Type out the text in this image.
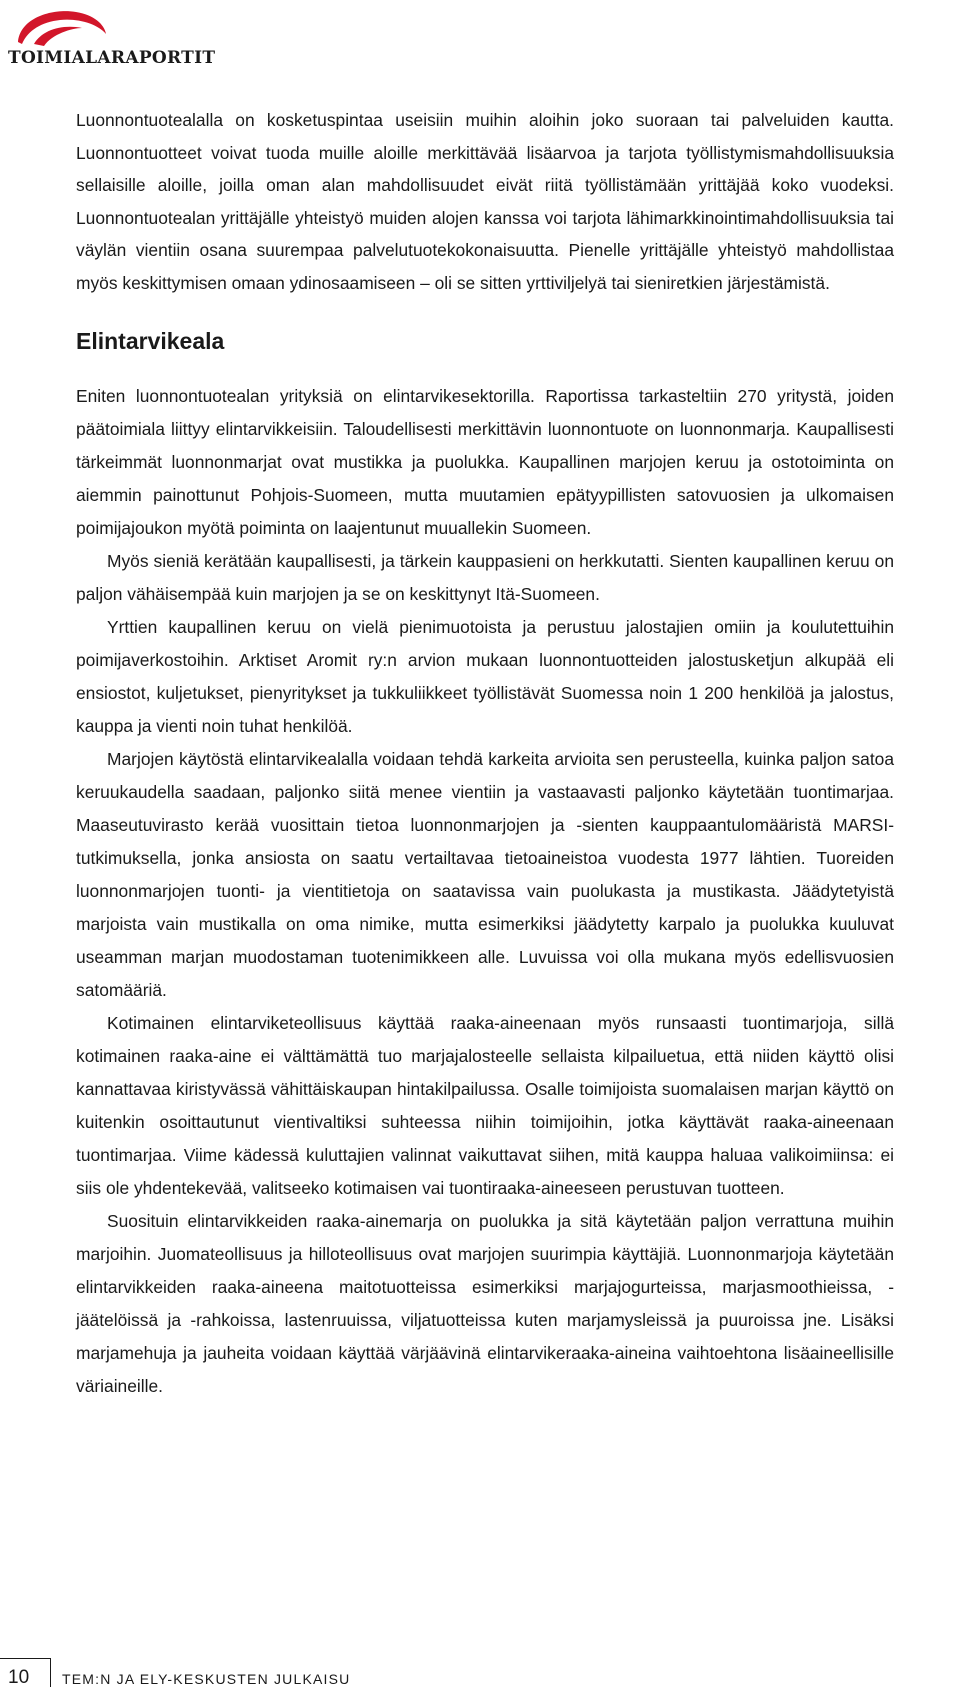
TOIMIALARAPORTIT

Luonnontuotealalla on kosketuspintaa useisiin muihin aloihin joko suoraan tai palveluiden kautta. Luonnontuotteet voivat tuoda muille aloille merkittävää lisäarvoa ja tarjota työllistymismahdollisuuksia sellaisille aloille, joilla oman alan mahdollisuudet eivät riitä työllistämään yrittäjää koko vuodeksi. Luonnontuotealan yrittäjälle yhteistyö muiden alojen kanssa voi tarjota lähimarkkinointimahdollisuuksia tai väylän vientiin osana suurempaa palvelutuotekokonaisuutta. Pienelle yrittäjälle yhteistyö mahdollistaa myös keskittymisen omaan ydinosaamiseen – oli se sitten yrttiviljelyä tai sieniretkien järjestämistä.

Elintarvikeala

Eniten luonnontuotealan yrityksiä on elintarvikesektorilla. Raportissa tarkasteltiin 270 yritystä, joiden päätoimiala liittyy elintarvikkeisiin. Taloudellisesti merkittävin luonnontuote on luonnonmarja. Kaupallisesti tärkeimmät luonnonmarjat ovat mustikka ja puolukka. Kaupallinen marjojen keruu ja ostotoiminta on aiemmin painottunut Pohjois-Suomeen, mutta muutamien epätyypillisten satovuosien ja ulkomaisen poimijajoukon myötä poiminta on laajentunut muuallekin Suomeen.

Myös sieniä kerätään kaupallisesti, ja tärkein kauppasieni on herkkutatti. Sienten kaupallinen keruu on paljon vähäisempää kuin marjojen ja se on keskittynyt Itä-Suomeen.

Yrttien kaupallinen keruu on vielä pienimuotoista ja perustuu jalostajien omiin ja koulutettuihin poimijaverkostoihin. Arktiset Aromit ry:n arvion mukaan luonnontuotteiden jalostusketjun alkupää eli ensiostot, kuljetukset, pienyritykset ja tukkuliikkeet työllistävät Suomessa noin 1 200 henkilöä ja jalostus, kauppa ja vienti noin tuhat henkilöä.

Marjojen käytöstä elintarvikealalla voidaan tehdä karkeita arvioita sen perusteella, kuinka paljon satoa keruukaudella saadaan, paljonko siitä menee vientiin ja vastaavasti paljonko käytetään tuontimarjaa. Maaseutuvirasto kerää vuosittain tietoa luonnonmarjojen ja -sienten kauppaantulomääristä MARSI-tutkimuksella, jonka ansiosta on saatu vertailtavaa tietoaineistoa vuodesta 1977 lähtien. Tuoreiden luonnonmarjojen tuonti- ja vientitietoja on saatavissa vain puolukasta ja mustikasta. Jäädytetyistä marjoista vain mustikalla on oma nimike, mutta esimerkiksi jäädytetty karpalo ja puolukka kuuluvat useamman marjan muodostaman tuotenimikkeen alle. Luvuissa voi olla mukana myös edellisvuosien satomääriä.

Kotimainen elintarviketeollisuus käyttää raaka-aineenaan myös runsaasti tuontimarjoja, sillä kotimainen raaka-aine ei välttämättä tuo marjajalosteelle sellaista kilpailuetua, että niiden käyttö olisi kannattavaa kiristyvässä vähittäiskaupan hintakilpailussa. Osalle toimijoista suomalaisen marjan käyttö on kuitenkin osoittautunut vientivaltiksi suhteessa niihin toimijoihin, jotka käyttävät raaka-aineenaan tuontimarjaa. Viime kädessä kuluttajien valinnat vaikuttavat siihen, mitä kauppa haluaa valikoimiinsa: ei siis ole yhdentekevää, valitseeko kotimaisen vai tuontiraaka-aineeseen perustuvan tuotteen.

Suosituin elintarvikkeiden raaka-ainemarja on puolukka ja sitä käytetään paljon verrattuna muihin marjoihin. Juomateollisuus ja hilloteollisuus ovat marjojen suurimpia käyttäjiä. Luonnonmarjoja käytetään elintarvikkeiden raaka-aineena maitotuotteissa esimerkiksi marjajogurteissa, marjasmoothieissa, -jäätelöissä ja -rahkoissa, lastenruuissa, viljatuotteissa kuten marjamysleissä ja puuroissa jne. Lisäksi marjamehuja ja jauheita voidaan käyttää värjäävinä elintarvikeraaka-aineina vaihtoehtona lisäaineellisille väriaineille.

10 TEM:N JA ELY-KESKUSTEN JULKAISU
